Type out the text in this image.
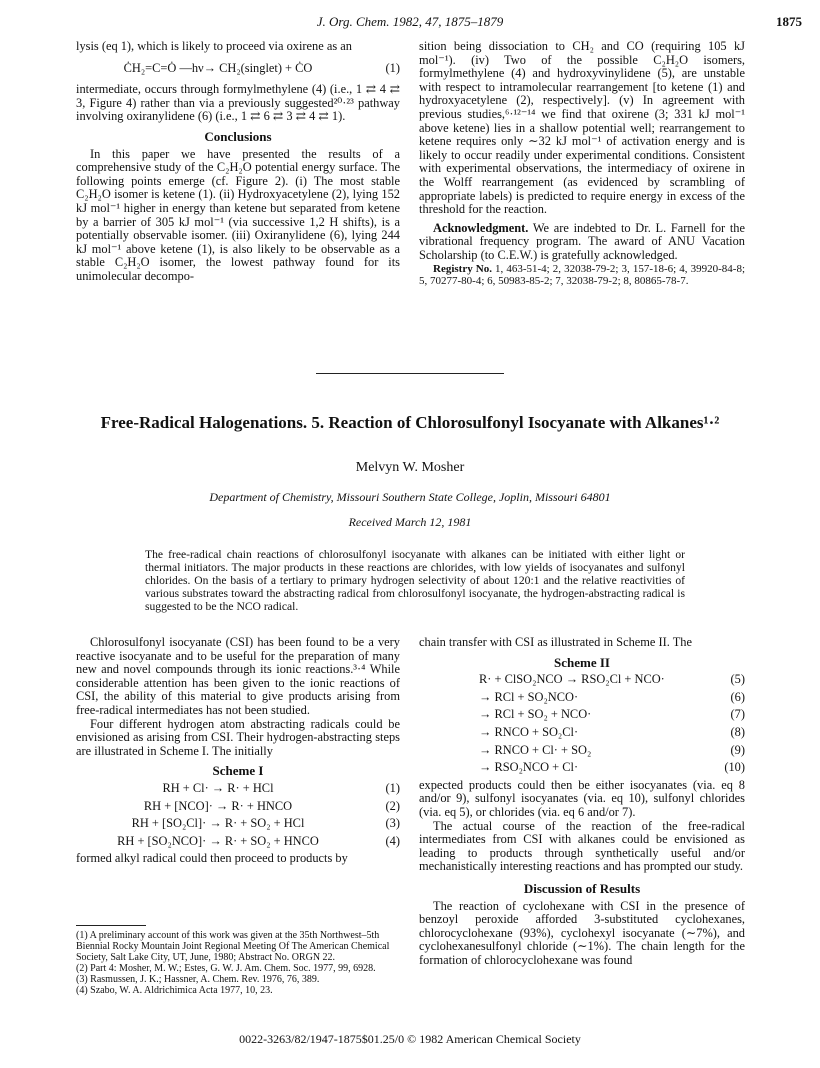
J. Org. Chem. 1982, 47, 1875–1879	1875

lysis (eq 1), which is likely to proceed via oxirene as an

ĊH₂=C=Ȯ —hν→ CH₂(singlet) + ĊO	(1)

intermediate, occurs through formylmethylene (4) (i.e., 1 ⇄ 4 ⇄ 3, Figure 4) rather than via a previously suggested²⁰·²³ pathway involving oxiranylidene (6) (i.e., 1 ⇄ 6 ⇄ 3 ⇄ 4 ⇄ 1).

Conclusions

In this paper we have presented the results of a comprehensive study of the C₂H₂O potential energy surface. The following points emerge (cf. Figure 2). (i) The most stable C₂H₂O isomer is ketene (1). (ii) Hydroxyacetylene (2), lying 152 kJ mol⁻¹ higher in energy than ketene but separated from ketene by a barrier of 305 kJ mol⁻¹ (via successive 1,2 H shifts), is a potentially observable isomer. (iii) Oxiranylidene (6), lying 244 kJ mol⁻¹ above ketene (1), is also likely to be observable as a stable C₂H₂O isomer, the lowest pathway found for its unimolecular decompo-

sition being dissociation to CH₂ and CO (requiring 105 kJ mol⁻¹). (iv) Two of the possible C₂H₂O isomers, formylmethylene (4) and hydroxyvinylidene (5), are unstable with respect to intramolecular rearrangement [to ketene (1) and hydroxyacetylene (2), respectively]. (v) In agreement with previous studies,⁶·¹²⁻¹⁴ we find that oxirene (3; 331 kJ mol⁻¹ above ketene) lies in a shallow potential well; rearrangement to ketene requires only ∼32 kJ mol⁻¹ of activation energy and is likely to occur readily under experimental conditions. Consistent with experimental observations, the intermediacy of oxirene in the Wolff rearrangement (as evidenced by scrambling of appropriate labels) is predicted to require energy in excess of the threshold for the reaction.

Acknowledgment. We are indebted to Dr. L. Farnell for the vibrational frequency program. The award of ANU Vacation Scholarship (to C.E.W.) is gratefully acknowledged.

Registry No. 1, 463-51-4; 2, 32038-79-2; 3, 157-18-6; 4, 39920-84-8; 5, 70277-80-4; 6, 50983-85-2; 7, 32038-79-2; 8, 80865-78-7.

Free-Radical Halogenations. 5. Reaction of Chlorosulfonyl Isocyanate with Alkanes¹·²
Melvyn W. Mosher
Department of Chemistry, Missouri Southern State College, Joplin, Missouri 64801
Received March 12, 1981
The free-radical chain reactions of chlorosulfonyl isocyanate with alkanes can be initiated with either light or thermal initiators. The major products in these reactions are chlorides, with low yields of isocyanates and sulfonyl chlorides. On the basis of a tertiary to primary hydrogen selectivity of about 120:1 and the relative reactivities of various substrates toward the abstracting radical from chlorosulfonyl isocyanate, the hydrogen-abstracting radical is suggested to be the NCO radical.

Chlorosulfonyl isocyanate (CSI) has been found to be a very reactive isocyanate and to be useful for the preparation of many new and novel compounds through its ionic reactions.³·⁴ While considerable attention has been given to the ionic reactions of CSI, the ability of this material to give products arising from free-radical intermediates has not been studied.

Four different hydrogen atom abstracting radicals could be envisioned as arising from CSI. Their hydrogen-abstracting steps are illustrated in Scheme I. The initially

Scheme I
RH + Cl· → R· + HCl	(1)
RH + [NCO]· → R· + HNCO	(2)
RH + [SO₂Cl]· → R· + SO₂ + HCl	(3)
RH + [SO₂NCO]· → R· + SO₂ + HNCO	(4)

formed alkyl radical could then proceed to products by

(1) A preliminary account of this work was given at the 35th Northwest–5th Biennial Rocky Mountain Joint Regional Meeting Of The American Chemical Society, Salt Lake City, UT, June, 1980; Abstract No. ORGN 22.

(2) Part 4: Mosher, M. W.; Estes, G. W. J. Am. Chem. Soc. 1977, 99, 6928.

(3) Rasmussen, J. K.; Hassner, A. Chem. Rev. 1976, 76, 389.

(4) Szabo, W. A. Aldrichimica Acta 1977, 10, 23.

chain transfer with CSI as illustrated in Scheme II. The

Scheme II
R· + ClSO₂NCO → RSO₂Cl + NCO·	(5)
→ RCl + SO₂NCO·	(6)
→ RCl + SO₂ + NCO·	(7)
→ RNCO + SO₂Cl·	(8)
→ RNCO + Cl· + SO₂	(9)
→ RSO₂NCO + Cl·	(10)

expected products could then be either isocyanates (via. eq 8 and/or 9), sulfonyl isocyanates (via. eq 10), sulfonyl chlorides (via. eq 5), or chlorides (via. eq 6 and/or 7).

The actual course of the reaction of the free-radical intermediates from CSI with alkanes could be envisioned as leading to products through synthetically useful and/or mechanistically interesting reactions and has prompted our study.

Discussion of Results

The reaction of cyclohexane with CSI in the presence of benzoyl peroxide afforded 3-substituted cyclohexanes, chlorocyclohexane (93%), cyclohexyl isocyanate (∼7%), and cyclohexanesulfonyl chloride (∼1%). The chain length for the formation of chlorocyclohexane was found

0022-3263/82/1947-1875$01.25/0 © 1982 American Chemical Society
